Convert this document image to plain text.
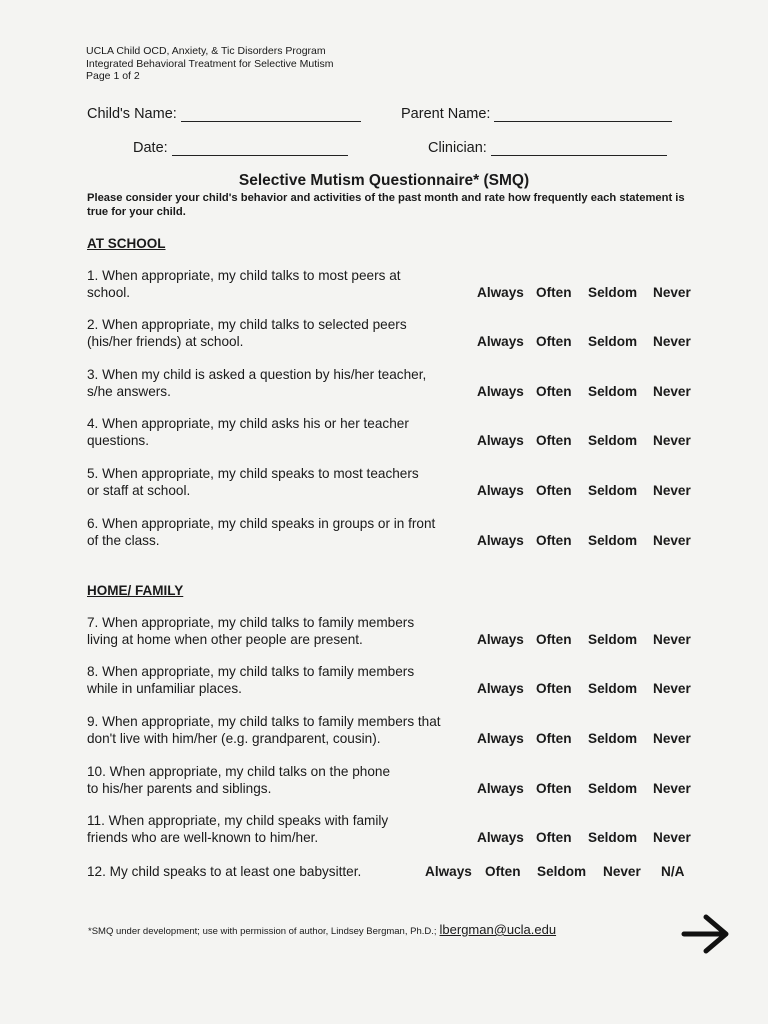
UCLA Child OCD, Anxiety, & Tic Disorders Program
Integrated Behavioral Treatment for Selective Mutism
Page 1 of 2
Child's Name:	Parent Name:
Date:	Clinician:
Selective Mutism Questionnaire* (SMQ)
Please consider your child's behavior and activities of the past month and rate how frequently each statement is true for your child.
AT SCHOOL
1. When appropriate, my child talks to most peers at
school.	Always Often	Seldom	Never
2. When appropriate, my child talks to selected peers
(his/her friends) at school.	Always Often	Seldom	Never
3. When my child is asked a question by his/her teacher,
s/he answers.	Always Often	Seldom	Never
4. When appropriate, my child asks his or her teacher
questions.	Always Often	Seldom	Never
5. When appropriate, my child speaks to most teachers
or staff at school.	Always Often	Seldom	Never
6. When appropriate, my child speaks in groups or in front
of the class.	Always Often	Seldom	Never
HOME/ FAMILY
7. When appropriate, my child talks to family members
living at home when other people are present.	Always Often	Seldom	Never
8. When appropriate, my child talks to family members
while in unfamiliar places.	Always Often	Seldom	Never
9. When appropriate, my child talks to family members that
don't live with him/her (e.g. grandparent, cousin).	Always Often	Seldom	Never
10. When appropriate, my child talks on the phone
to his/her parents and siblings.	Always Often	Seldom	Never
11. When appropriate, my child speaks with family
friends who are well-known to him/her.	Always Often	Seldom	Never
12. My child speaks to at least one babysitter.	Always Often	Seldom	Never	N/A
*SMQ under development; use with permission of author, Lindsey Bergman, Ph.D.; lbergman@ucla.edu
